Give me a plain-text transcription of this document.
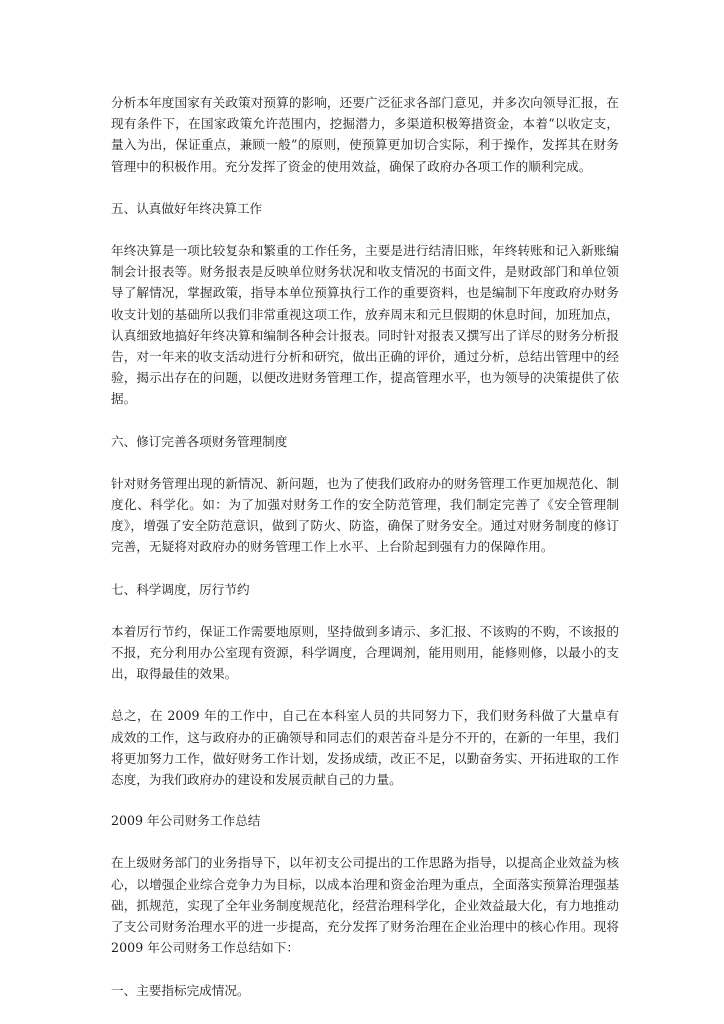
分析本年度国家有关政策对预算的影响，还要广泛征求各部门意见，并多次向领导汇报，在现有条件下，在国家政策允许范围内，挖掘潜力，多渠道积极筹措资金，本着“以收定支，量入为出，保证重点，兼顾一般”的原则，使预算更加切合实际，利于操作，发挥其在财务管理中的积极作用。充分发挥了资金的使用效益，确保了政府办各项工作的顺利完成。

五、认真做好年终决算工作

年终决算是一项比较复杂和繁重的工作任务，主要是进行结清旧账，年终转账和记入新账编制会计报表等。财务报表是反映单位财务状况和收支情况的书面文件，是财政部门和单位领导了解情况，掌握政策，指导本单位预算执行工作的重要资料，也是编制下年度政府办财务收支计划的基础所以我们非常重视这项工作，放弃周末和元旦假期的休息时间，加班加点，认真细致地搞好年终决算和编制各种会计报表。同时针对报表又撰写出了详尽的财务分析报告，对一年来的收支活动进行分析和研究，做出正确的评价，通过分析，总结出管理中的经验，揭示出存在的问题，以便改进财务管理工作，提高管理水平，也为领导的决策提供了依据。

六、修订完善各项财务管理制度

针对财务管理出现的新情况、新问题，也为了使我们政府办的财务管理工作更加规范化、制度化、科学化。如：为了加强对财务工作的安全防范管理，我们制定完善了《安全管理制度》，增强了安全防范意识，做到了防火、防盗，确保了财务安全。通过对财务制度的修订完善，无疑将对政府办的财务管理工作上水平、上台阶起到强有力的保障作用。

七、科学调度，厉行节约

本着厉行节约，保证工作需要地原则，坚持做到多请示、多汇报、不该购的不购，不该报的不报，充分利用办公室现有资源，科学调度，合理调剂，能用则用，能修则修，以最小的支出，取得最佳的效果。

总之，在 2009 年的工作中，自己在本科室人员的共同努力下，我们财务科做了大量卓有成效的工作，这与政府办的正确领导和同志们的艰苦奋斗是分不开的，在新的一年里，我们将更加努力工作，做好财务工作计划，发扬成绩，改正不足，以勤奋务实、开拓进取的工作态度，为我们政府办的建设和发展贡献自己的力量。

2009 年公司财务工作总结

在上级财务部门的业务指导下，以年初支公司提出的工作思路为指导，以提高企业效益为核心，以增强企业综合竞争力为目标，以成本治理和资金治理为重点，全面落实预算治理强基础，抓规范，实现了全年业务制度规范化，经营治理科学化，企业效益最大化，有力地推动了支公司财务治理水平的进一步提高，充分发挥了财务治理在企业治理中的核心作用。现将 2009 年公司财务工作总结如下：

一、主要指标完成情况。
